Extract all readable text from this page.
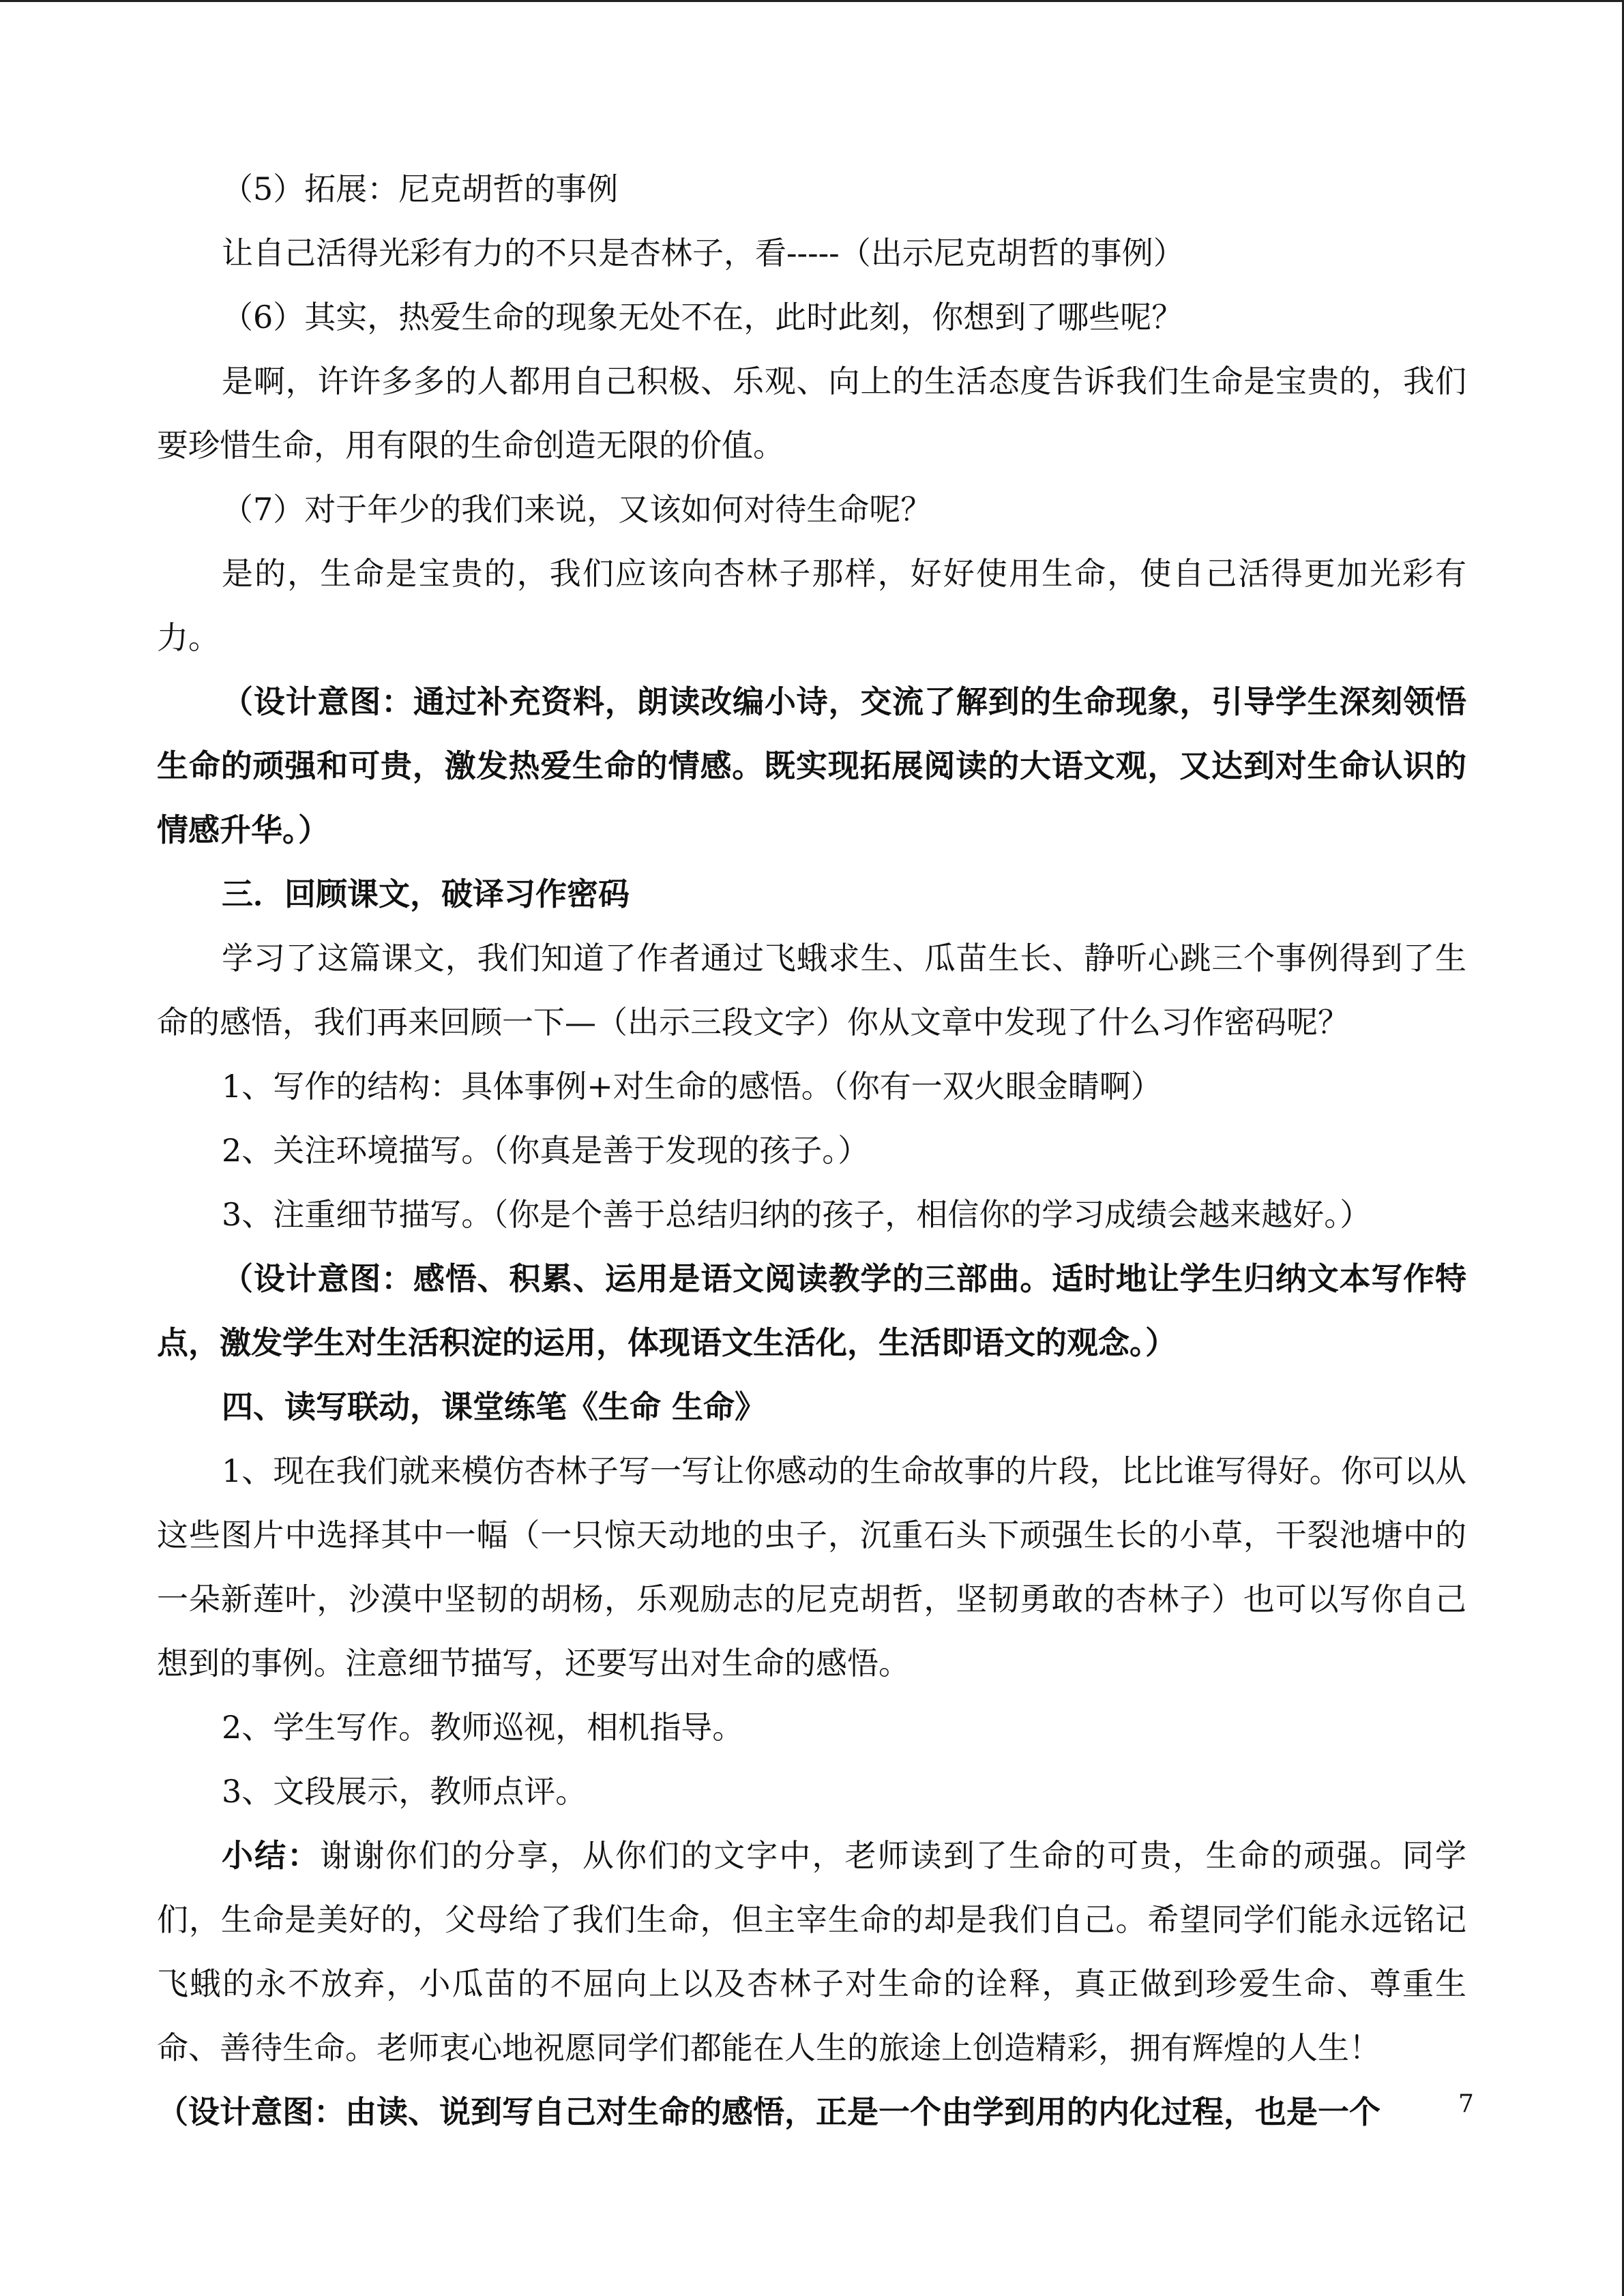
（5）拓展：尼克胡哲的事例

让自己活得光彩有力的不只是杏林子，看-----（出示尼克胡哲的事例）

（6）其实，热爱生命的现象无处不在，此时此刻，你想到了哪些呢？

是啊，许许多多的人都用自己积极、乐观、向上的生活态度告诉我们生命是宝贵的，我们要珍惜生命，用有限的生命创造无限的价值。

（7）对于年少的我们来说，又该如何对待生命呢？

是的，生命是宝贵的，我们应该向杏林子那样，好好使用生命，使自己活得更加光彩有力。

（设计意图：通过补充资料，朗读改编小诗，交流了解到的生命现象，引导学生深刻领悟生命的顽强和可贵，激发热爱生命的情感。既实现拓展阅读的大语文观，又达到对生命认识的情感升华。）

三．回顾课文，破译习作密码

学习了这篇课文，我们知道了作者通过飞蛾求生、瓜苗生长、静听心跳三个事例得到了生命的感悟，我们再来回顾一下—（出示三段文字）你从文章中发现了什么习作密码呢？

1、写作的结构：具体事例+对生命的感悟。（你有一双火眼金睛啊）

2、关注环境描写。（你真是善于发现的孩子。）

3、注重细节描写。（你是个善于总结归纳的孩子，相信你的学习成绩会越来越好。）

（设计意图：感悟、积累、运用是语文阅读教学的三部曲。适时地让学生归纳文本写作特点，激发学生对生活积淀的运用，体现语文生活化，生活即语文的观念。）

四、读写联动，课堂练笔《生命 生命》

1、现在我们就来模仿杏林子写一写让你感动的生命故事的片段，比比谁写得好。你可以从这些图片中选择其中一幅（一只惊天动地的虫子，沉重石头下顽强生长的小草，干裂池塘中的一朵新莲叶，沙漠中坚韧的胡杨，乐观励志的尼克胡哲，坚韧勇敢的杏林子）也可以写你自己想到的事例。注意细节描写，还要写出对生命的感悟。

2、学生写作。教师巡视，相机指导。

3、文段展示，教师点评。

小结：谢谢你们的分享，从你们的文字中，老师读到了生命的可贵，生命的顽强。同学们，生命是美好的，父母给了我们生命，但主宰生命的却是我们自己。希望同学们能永远铭记飞蛾的永不放弃，小瓜苗的不屈向上以及杏林子对生命的诠释，真正做到珍爱生命、尊重生命、善待生命。老师衷心地祝愿同学们都能在人生的旅途上创造精彩，拥有辉煌的人生！

（设计意图：由读、说到写自己对生命的感悟，正是一个由学到用的内化过程，也是一个	7
